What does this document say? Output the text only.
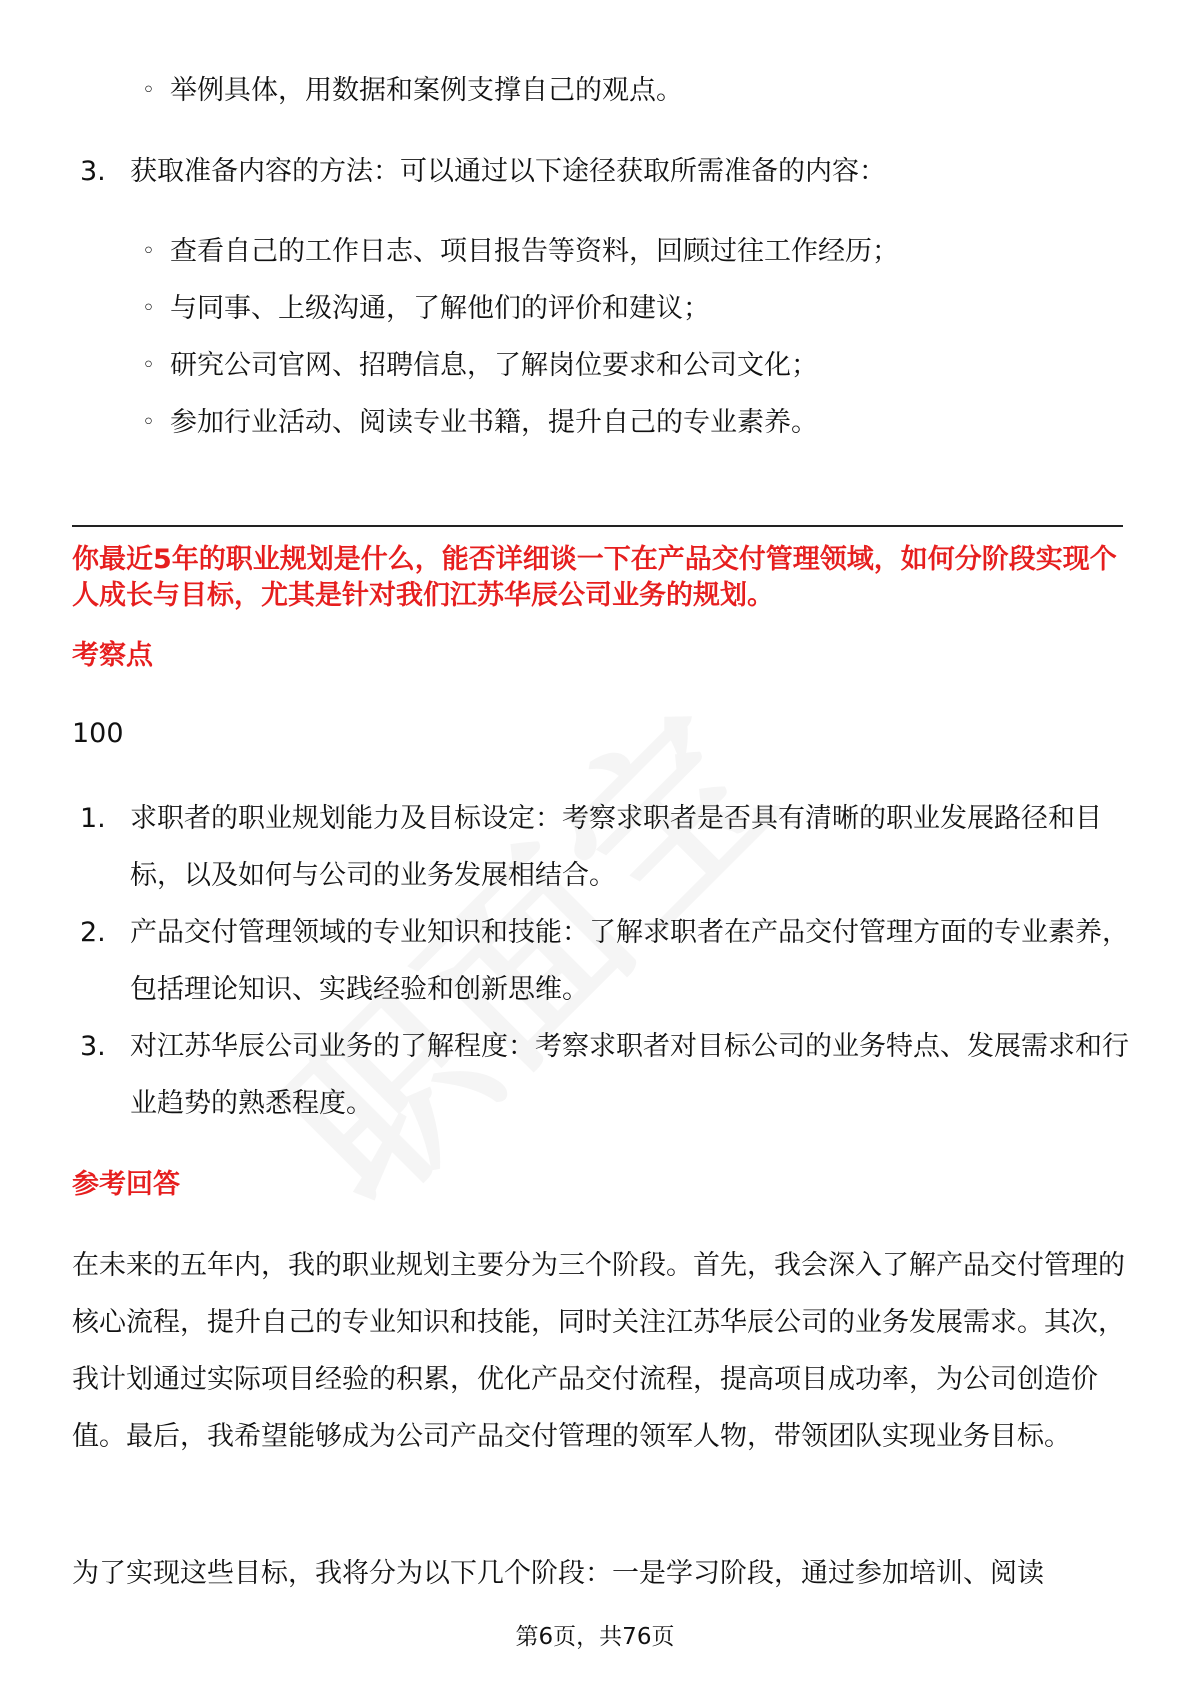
◦ 举例具体，用数据和案例支撑自己的观点。
3. 获取准备内容的方法：可以通过以下途径获取所需准备的内容：
◦ 查看自己的工作日志、项目报告等资料，回顾过往工作经历；
◦ 与同事、上级沟通，了解他们的评价和建议；
◦ 研究公司官网、招聘信息，了解岗位要求和公司文化；
◦ 参加行业活动、阅读专业书籍，提升自己的专业素养。
你最近5年的职业规划是什么，能否详细谈一下在产品交付管理领域，如何分阶段实现个人成长与目标，尤其是针对我们江苏华辰公司业务的规划。
考察点
100
1. 求职者的职业规划能力及目标设定：考察求职者是否具有清晰的职业发展路径和目标，以及如何与公司的业务发展相结合。
2. 产品交付管理领域的专业知识和技能：了解求职者在产品交付管理方面的专业素养，包括理论知识、实践经验和创新思维。
3. 对江苏华辰公司业务的了解程度：考察求职者对目标公司的业务特点、发展需求和行业趋势的熟悉程度。
参考回答

在未来的五年内，我的职业规划主要分为三个阶段。首先，我会深入了解产品交付管理的核心流程，提升自己的专业知识和技能，同时关注江苏华辰公司的业务发展需求。其次，我计划通过实际项目经验的积累，优化产品交付流程，提高项目成功率，为公司创造价值。最后，我希望能够成为公司产品交付管理的领军人物，带领团队实现业务目标。

为了实现这些目标，我将分为以下几个阶段：一是学习阶段，通过参加培训、阅读

第6页，共76页
